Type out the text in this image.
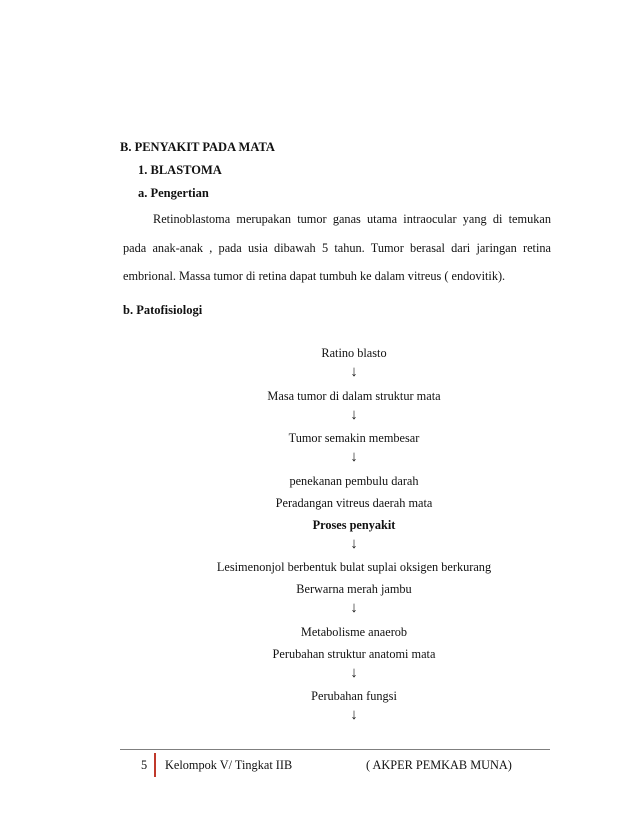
B. PENYAKIT PADA MATA
1. BLASTOMA
a. Pengertian
Retinoblastoma merupakan tumor ganas utama intraocular yang di temukan pada anak-anak , pada usia dibawah 5 tahun. Tumor berasal dari jaringan retina embrional. Massa tumor di retina dapat tumbuh ke dalam vitreus ( endovitik).
b. Patofisiologi
Ratino blasto
↓
Masa tumor di dalam struktur mata
↓
Tumor semakin membesar
↓
penekanan pembulu darah
Peradangan vitreus daerah mata
Proses penyakit
↓
Lesimenonjol berbentuk bulat suplai oksigen berkurang
Berwarna merah jambu
↓
Metabolisme anaerob
Perubahan struktur anatomi mata
↓
Perubahan fungsi
↓
5 Kelompok V/ Tingkat IIB	( AKPER PEMKAB MUNA)
